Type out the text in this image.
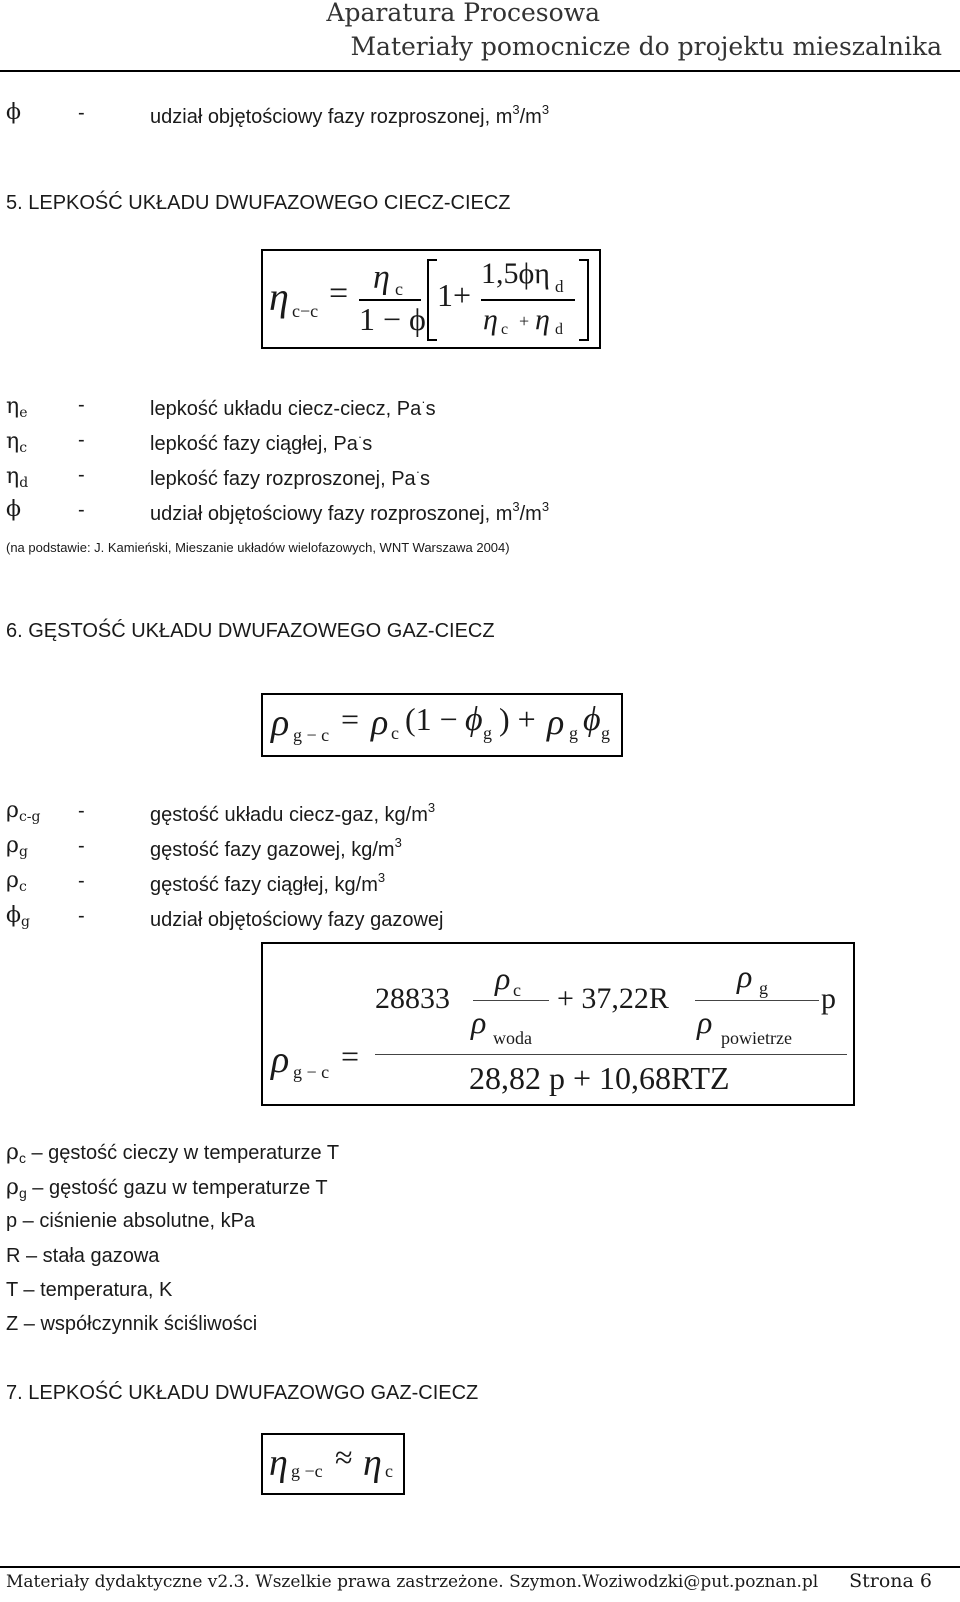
Aparatura Procesowa
Materiały pomocnicze do projektu mieszalnika
ϕ	-	udział objętościowy fazy rozproszonej, $m^3/m^3$
5. LEPKOŚĆ UKŁADU DWUFAZOWEGO CIECZ-CIECZ
η c−c = η c
1 − ϕ
1+
1,5ϕη d
η c + η d
$\eta_e$	-	lepkość układu ciecz-ciecz, Pa·s
$\eta_c$	-	lepkość fazy ciągłej, Pa·s
$\eta_d$ -	lepkość fazy rozproszonej, Pa·s
ϕ	-	udział objętościowy fazy rozproszonej, $m^3/m^3$
(na podstawie: J. Kamieński, Mieszanie układów wielofazowych, WNT Warszawa 2004)
6. GĘSTOŚĆ UKŁADU DWUFAZOWEGO GAZ-CIECZ
ρ g − c = ρ c (1 − ϕ g ) + ρ g ϕ g
$\rho_{c-g}$ -	gęstość układu ciecz-gaz, $kg/m^3$
$\rho_g$	-	gęstość fazy gazowej, $kg/m^3$
$\rho_c$	-	gęstość fazy ciągłej, $kg/m^3$
$\phi_g$ -	udział objętościowy fazy gazowej
ρ g − c =
28833
ρ c
ρ woda
+ 37,22R
ρ g
ρ powietrze
p
28,82 p + 10,68RTZ
$\rho_c$ – gęstość cieczy w temperaturze T
$\rho_g$ – gęstość gazu w temperaturze T
p – ciśnienie absolutne, kPa
R – stała gazowa
T – temperatura, K
Z – współczynnik ściśliwości
7. LEPKOŚĆ UKŁADU DWUFAZOWGO GAZ-CIECZ
η g −c ≈ η c
Materiały dydaktyczne v2.3. Wszelkie prawa zastrzeżone. Szymon.Woziwodzki@put.poznan.pl Strona 6
